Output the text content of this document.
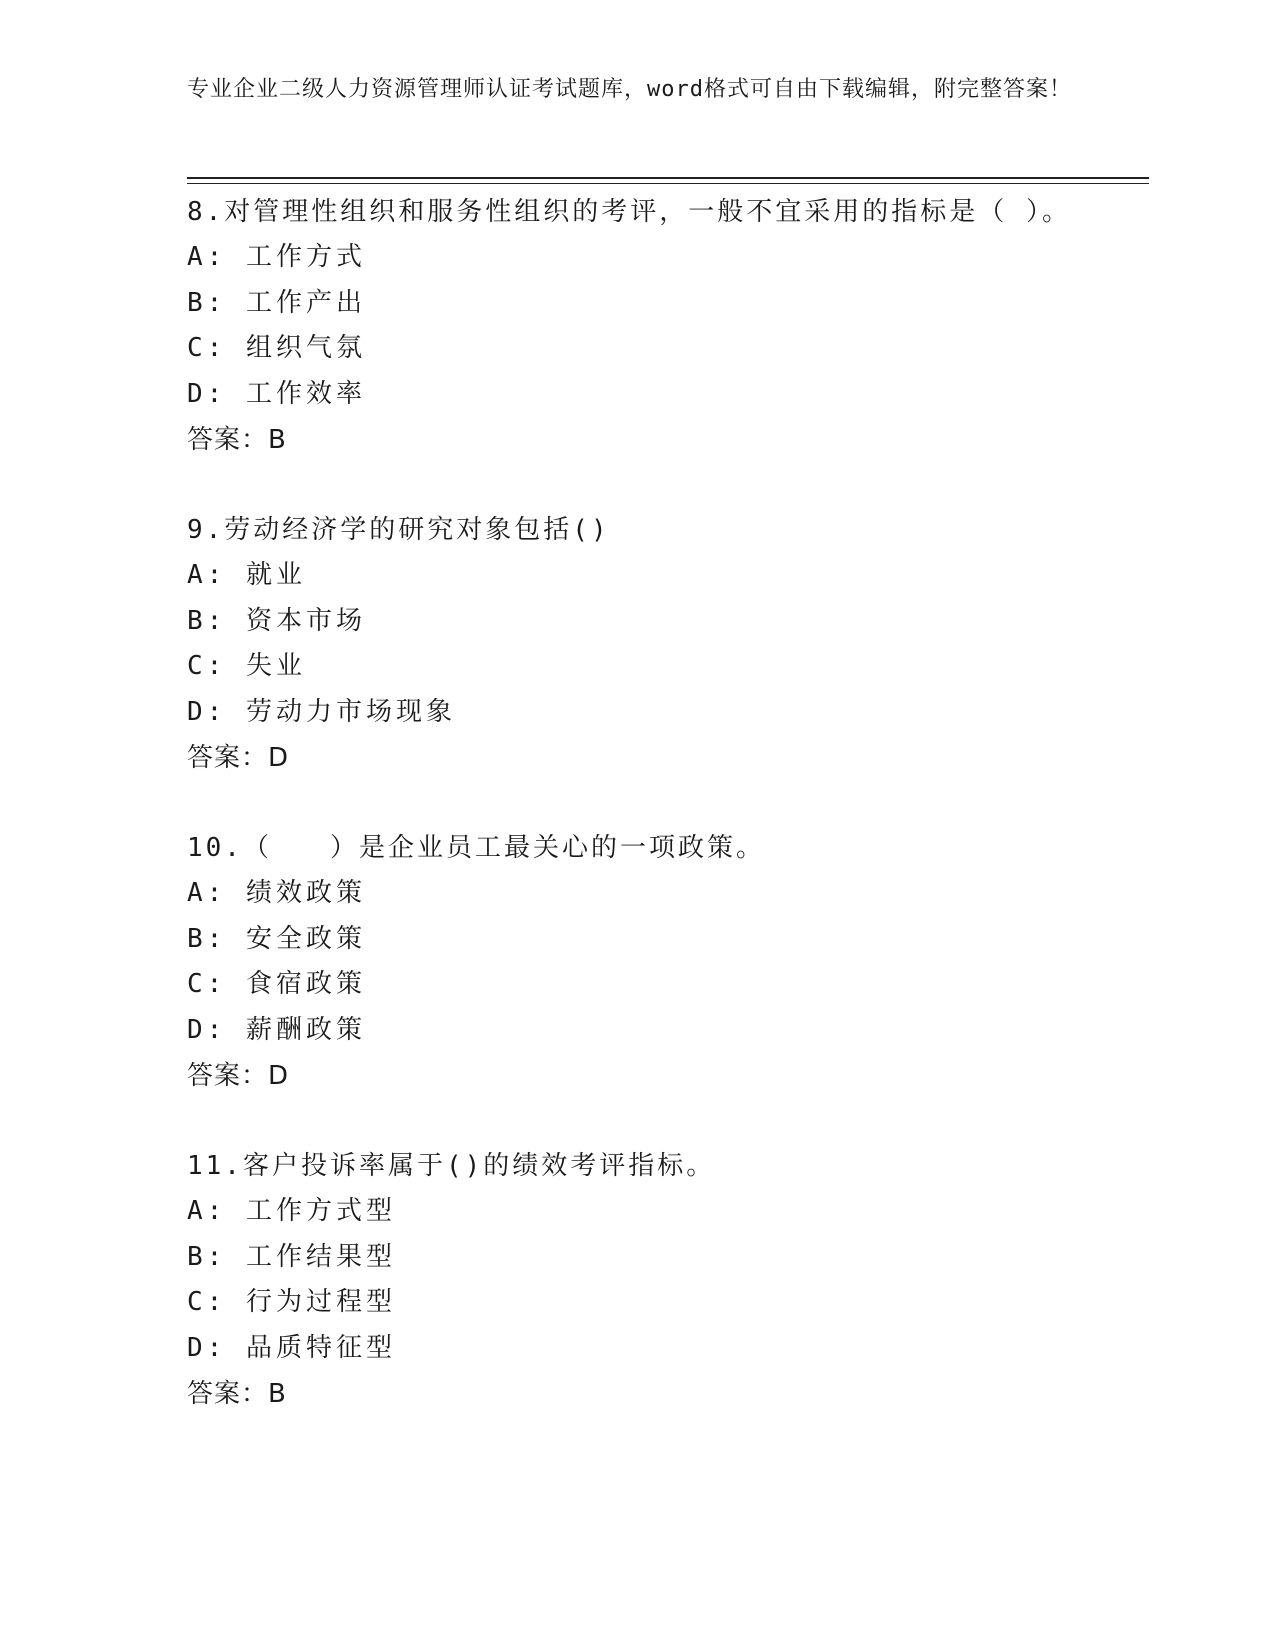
专业企业二级人力资源管理师认证考试题库，word格式可自由下载编辑，附完整答案！
8.对管理性组织和服务性组织的考评，一般不宜采用的指标是（ ）。
A: 工作方式
B: 工作产出
C: 组织气氛
D: 工作效率
答案：B
9.劳动经济学的研究对象包括()
A: 就业
B: 资本市场
C: 失业
D: 劳动力市场现象
答案：D
10.（　　）是企业员工最关心的一项政策。
A: 绩效政策
B: 安全政策
C: 食宿政策
D: 薪酬政策
答案：D
11.客户投诉率属于()的绩效考评指标。
A: 工作方式型
B: 工作结果型
C: 行为过程型
D: 品质特征型
答案：B
